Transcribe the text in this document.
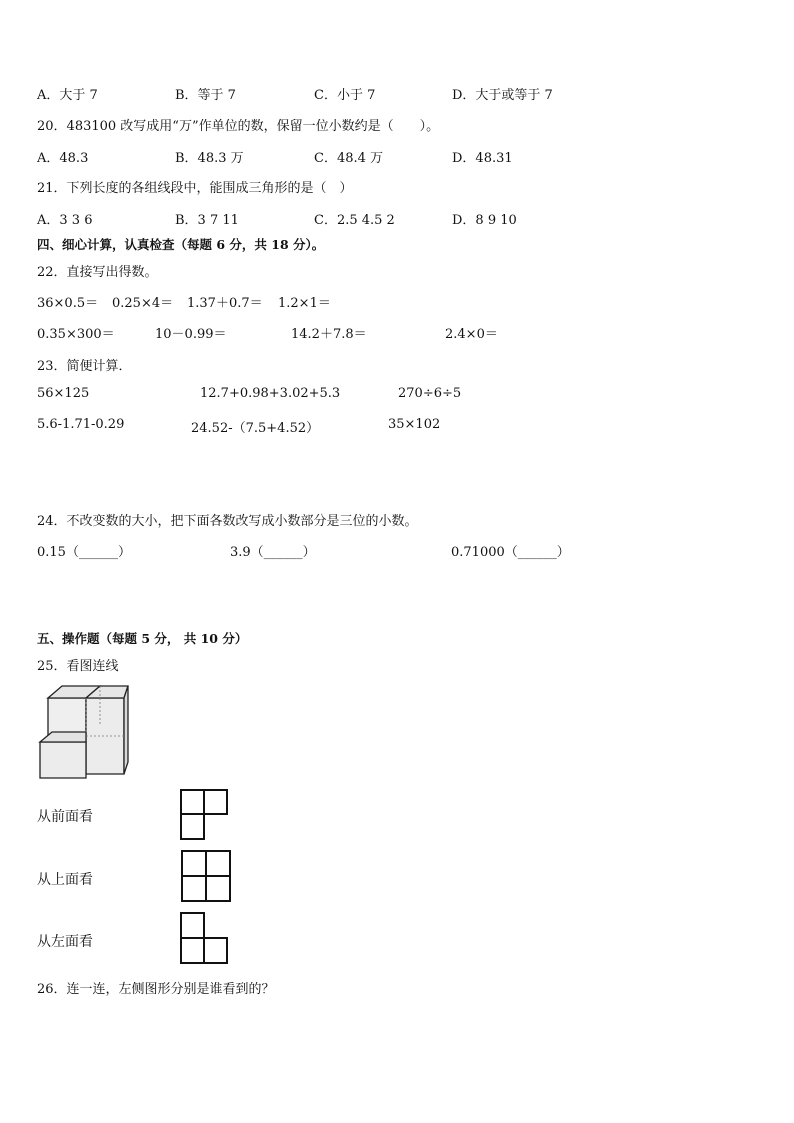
A．大于 7	B．等于 7	C．小于 7	D．大于或等于 7
20．483100 改写成用“万”作单位的数，保留一位小数约是（　　）。
A．48.3	B．48.3 万	C．48.4 万	D．48.31
21．下列长度的各组线段中，能围成三角形的是（　）
A．3 3 6	B．3 7 11	C．2.5 4.5 2	D．8 9 10
四、细心计算，认真检查（每题 6 分，共 18 分）。
22．直接写出得数。
36×0.5＝ 0.25×4＝ 1.37＋0.7＝ 1.2×1＝
0.35×300＝	10－0.99＝	14.2＋7.8＝	2.4×0＝
23．简便计算．
56×125	12.7+0.98+3.02+5.3	270÷6÷5
5.6-1.71-0.29	24.52-（7.5+4.52）	35×102
24．不改变数的大小，把下面各数改写成小数部分是三位的小数。
0.15（______）	3.9（______）	0.71000（______）
五、操作题（每题 5 分， 共 10 分）
25．看图连线
从前面看
从上面看
从左面看
26．连一连，左侧图形分别是谁看到的？
